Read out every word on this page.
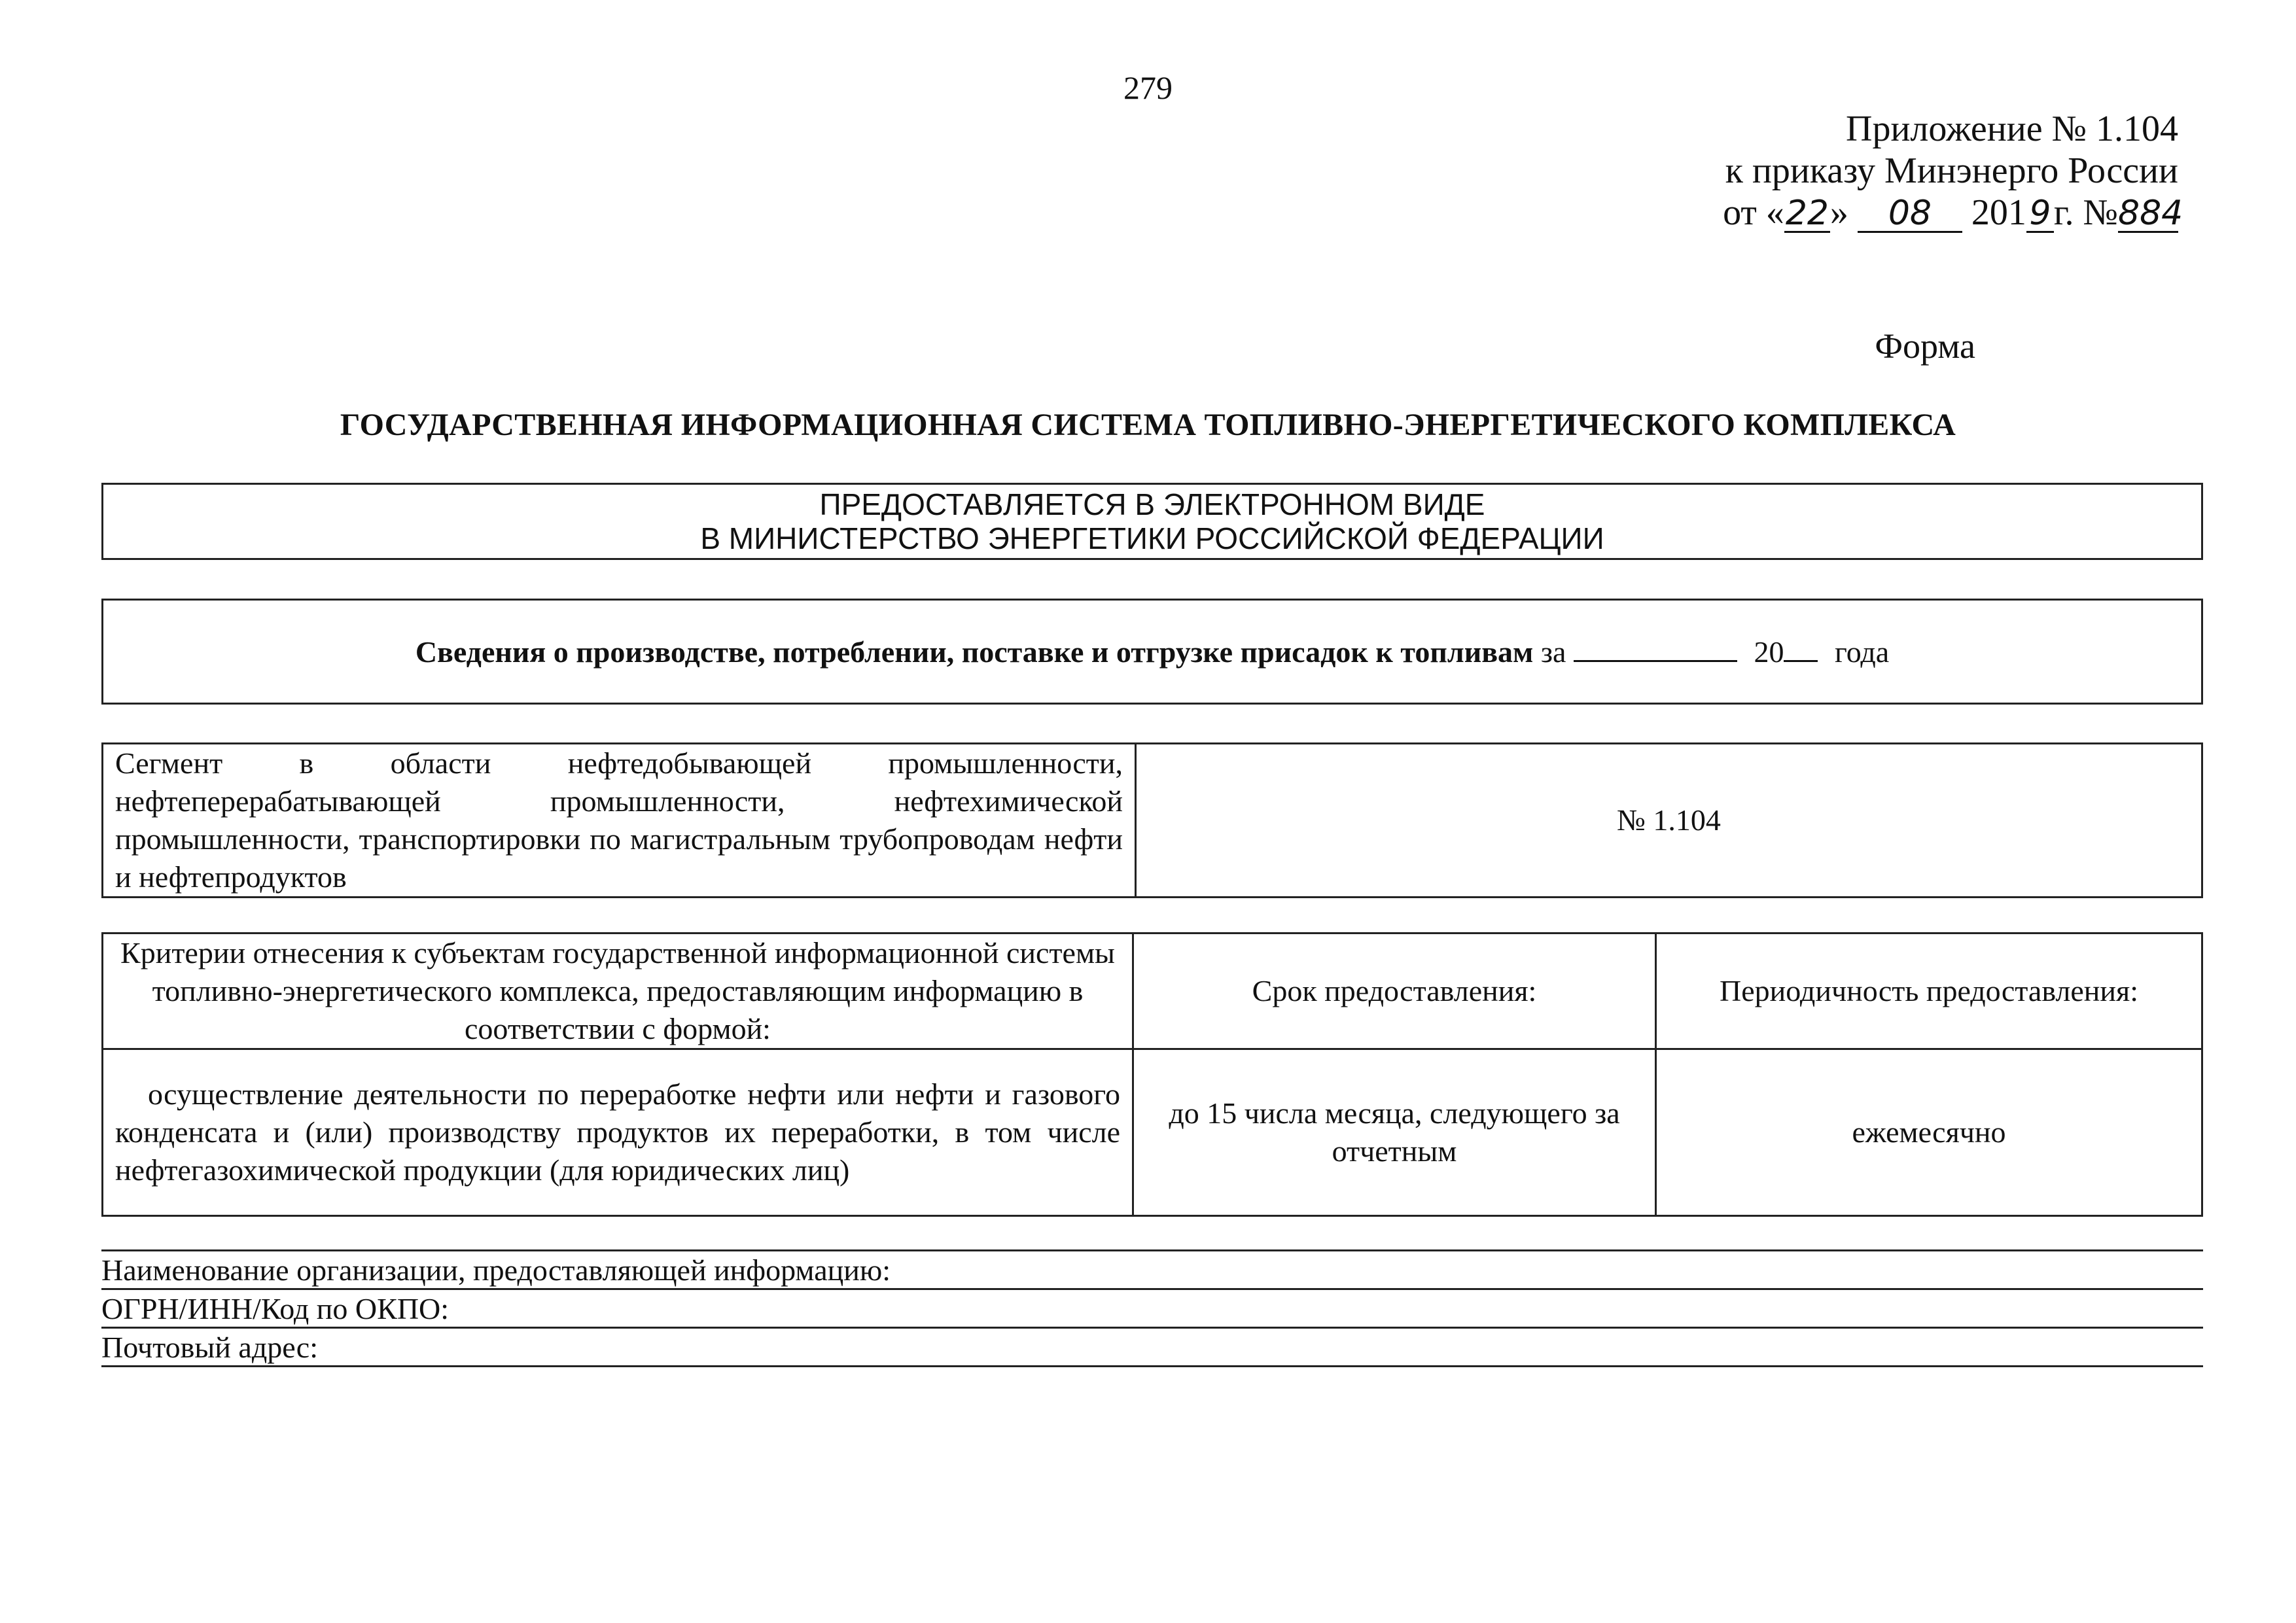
279
Приложение № 1.104
к приказу Минэнерго России
от «22» 08 2019г. №884
Форма
ГОСУДАРСТВЕННАЯ ИНФОРМАЦИОННАЯ СИСТЕМА ТОПЛИВНО-ЭНЕРГЕТИЧЕСКОГО КОМПЛЕКСА
ПРЕДОСТАВЛЯЕТСЯ В ЭЛЕКТРОННОМ ВИДЕ
В МИНИСТЕРСТВО ЭНЕРГЕТИКИ РОССИЙСКОЙ ФЕДЕРАЦИИ
Сведения о производстве, потреблении, поставке и отгрузке присадок к топливам за	20 года
Сегмент в области нефтедобывающей промышленности, нефтеперерабатывающей промышленности, нефтехимической промышленности, транспортировки по магистральным трубопроводам нефти и нефтепродуктов	№ 1.104
Критерии отнесения к субъектам государственной информационной системы топливно-энергетического комплекса, предоставляющим информацию в соответствии с формой:	Срок предоставления:	Периодичность предоставления:
осуществление деятельности по переработке нефти или нефти и газового конденсата и (или) производству продуктов их переработки, в том числе нефтегазохимической продукции (для юридических лиц)	до 15 числа месяца, следующего за отчетным	ежемесячно
Наименование организации, предоставляющей информацию:
ОГРН/ИНН/Код по ОКПО:
Почтовый адрес:
